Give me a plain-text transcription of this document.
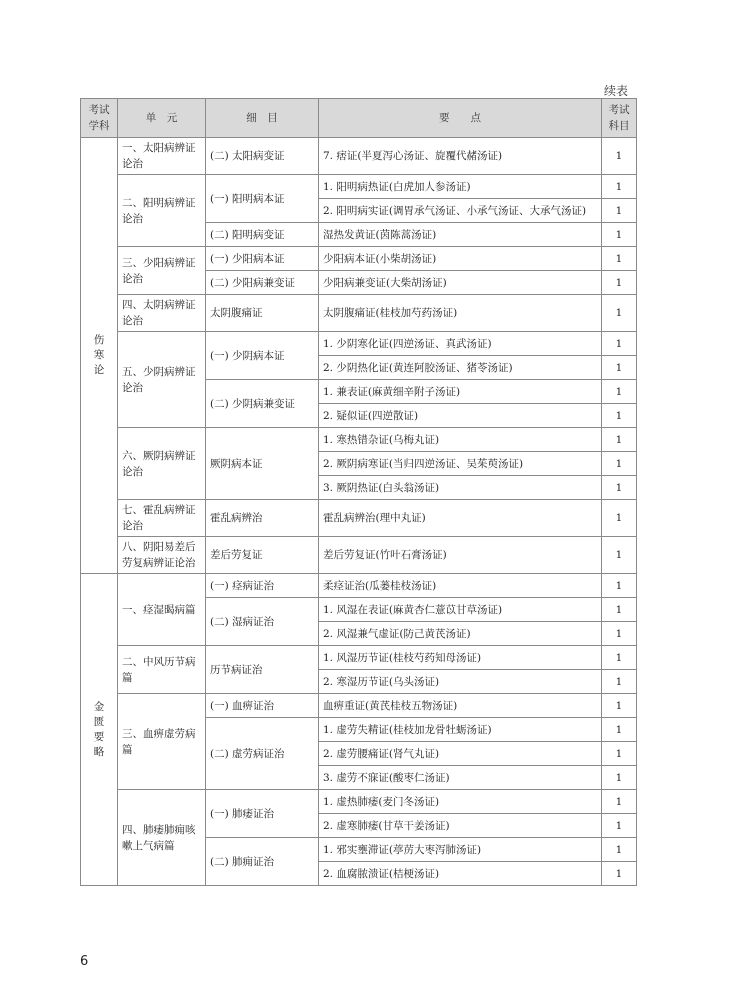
续表
考试学科	单　元	细　目	要　　点	考试科目
伤寒论	一、太阳病辨证论治	(二) 太阳病变证	7. 痞证(半夏泻心汤证、旋覆代赭汤证)	1
	二、阳明病辨证论治	(一) 阳明病本证	1. 阳明病热证(白虎加人参汤证)	1
			2. 阳明病实证(调胃承气汤证、小承气汤证、大承气汤证)	1
		(二) 阳明病变证	湿热发黄证(茵陈蒿汤证)	1
	三、少阳病辨证论治	(一) 少阳病本证	少阳病本证(小柴胡汤证)	1
		(二) 少阳病兼变证	少阳病兼变证(大柴胡汤证)	1
	四、太阴病辨证论治	太阴腹痛证	太阴腹痛证(桂枝加芍药汤证)	1
	五、少阴病辨证论治	(一) 少阴病本证	1. 少阴寒化证(四逆汤证、真武汤证)	1
			2. 少阴热化证(黄连阿胶汤证、猪苓汤证)	1
		(二) 少阴病兼变证	1. 兼表证(麻黄细辛附子汤证)	1
			2. 疑似证(四逆散证)	1
	六、厥阴病辨证论治	厥阴病本证	1. 寒热错杂证(乌梅丸证)	1
			2. 厥阴病寒证(当归四逆汤证、吴茱萸汤证)	1
			3. 厥阴热证(白头翁汤证)	1
	七、霍乱病辨证论治	霍乱病辨治	霍乱病辨治(理中丸证)	1
	八、阴阳易差后劳复病辨证论治	差后劳复证	差后劳复证(竹叶石膏汤证)	1
金匮要略	一、痉湿暍病篇	(一) 痉病证治	柔痉证治(瓜蒌桂枝汤证)	1
		(二) 湿病证治	1. 风湿在表证(麻黄杏仁薏苡甘草汤证)	1
			2. 风湿兼气虚证(防己黄芪汤证)	1
	二、中风历节病篇	历节病证治	1. 风湿历节证(桂枝芍药知母汤证)	1
			2. 寒湿历节证(乌头汤证)	1
	三、血痹虚劳病篇	(一) 血痹证治	血痹重证(黄芪桂枝五物汤证)	1
		(二) 虚劳病证治	1. 虚劳失精证(桂枝加龙骨牡蛎汤证)	1
			2. 虚劳腰痛证(肾气丸证)	1
			3. 虚劳不寐证(酸枣仁汤证)	1
	四、肺痿肺痈咳嗽上气病篇	(一) 肺痿证治	1. 虚热肺痿(麦门冬汤证)	1
			2. 虚寒肺痿(甘草干姜汤证)	1
		(二) 肺痈证治	1. 邪实壅滞证(葶苈大枣泻肺汤证)	1
			2. 血腐脓溃证(桔梗汤证)	1
6
